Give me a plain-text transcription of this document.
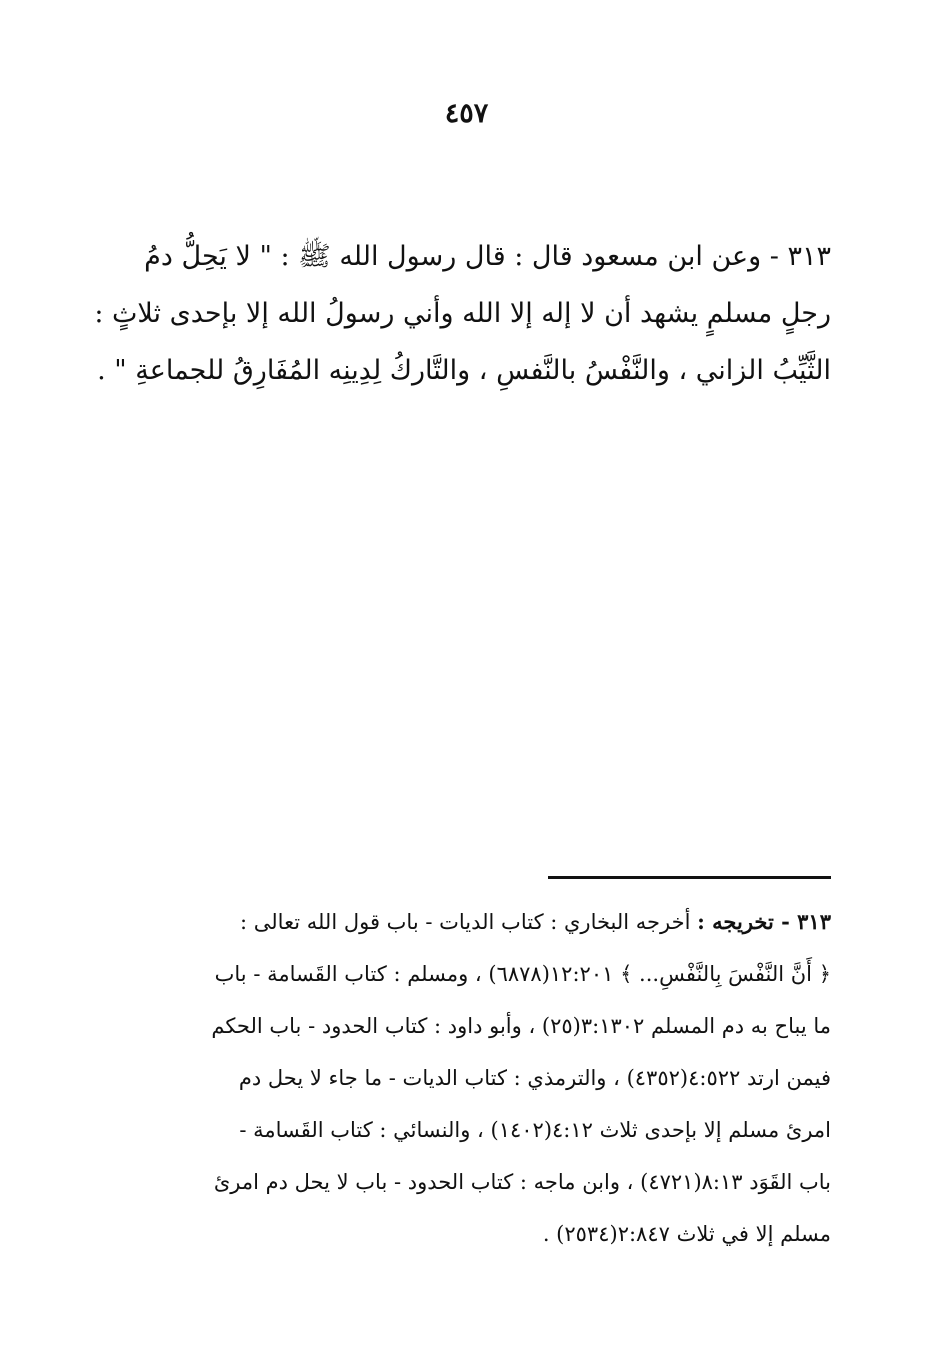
٤٥٧
٣١٣ - وعن ابن مسعود قال : قال رسول الله ﷺ : " لا يَحِلُّ دمُ
رجلٍ مسلمٍ يشهد أن لا إله إلا الله وأني رسولُ الله إلا بإحدى ثلاثٍ :
الثَّيِّبُ الزاني ، والنَّفْسُ بالنَّفسِ ، والتَّاركُ لِدِينِه المُفَارِقُ للجماعةِ " .
٣١٣ - تخريجه : أخرجه البخاري : كتاب الديات - باب قول الله تعالى :
﴿ أَنَّ النَّفْسَ بِالنَّفْسِ... ﴾ ١٢:٢٠١(٦٨٧٨) ، ومسلم : كتاب القَسامة - باب
ما يباح به دم المسلم ٣:١٣٠٢(٢٥) ، وأبو داود : كتاب الحدود - باب الحكم
فيمن ارتد ٤:٥٢٢(٤٣٥٢) ، والترمذي : كتاب الديات - ما جاء لا يحل دم
امرئ مسلم إلا بإحدى ثلاث ٤:١٢(١٤٠٢) ، والنسائي : كتاب القَسامة -
باب القَوَد ٨:١٣(٤٧٢١) ، وابن ماجه : كتاب الحدود - باب لا يحل دم امرئ
مسلم إلا في ثلاث ٢:٨٤٧(٢٥٣٤) .
